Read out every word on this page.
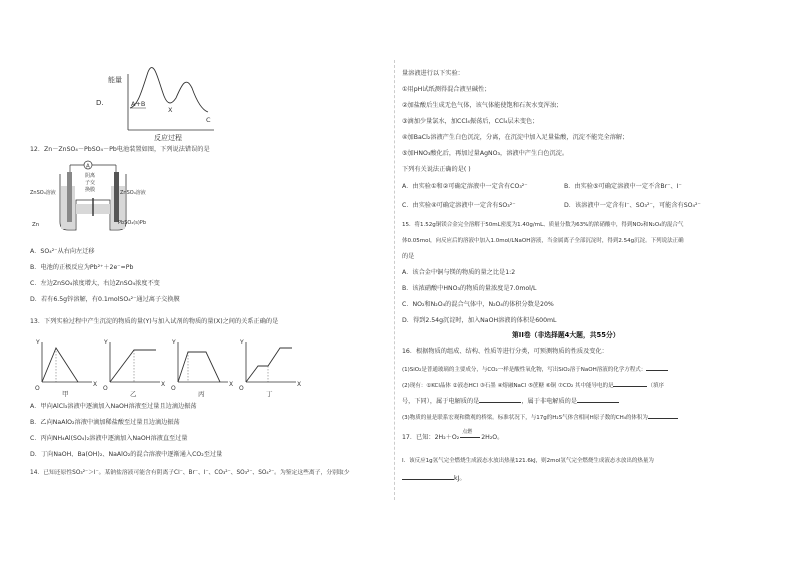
D.
能量
A+B
X
C
反应过程
12．Zn－ZnSO₄－PbSO₄－Pb电池装置如图，下列说法错误的是
A
阴离
子交
换膜
ZnSO₄溶液	ZnSO₄溶液
Zn	PbSO₄(s)Pb
A．SO₄²⁻从右向左迁移
B．电池的正极反应为Pb²⁺＋2e⁻=Pb
C．左边ZnSO₄浓度增大，右边ZnSO₄浓度不变
D．若有6.5g锌溶解，有0.1molSO₄²⁻通过离子交换膜
13．下列实验过程中产生沉淀的物质的量(Y)与加入试剂的物质的量(X)之间的关系正确的是
Y
X
O
甲
Y
X
O
乙
Y
X
O
丙
Y
X
O
丁
A．甲向AlCl₃溶液中逐滴加入NaOH溶液至过量且边滴边振荡
B．乙向NaAlO₂溶液中滴加稀盐酸至过量且边滴边振荡
C．丙向NH₄Al(SO₄)₂溶液中逐滴加入NaOH溶液直至过量
D．丁向NaOH、Ba(OH)₂、NaAlO₂的混合溶液中逐渐通入CO₂至过量
14．已知还原性SO₃²⁻＞I⁻。某钠盐溶液可能含有阴离子Cl⁻、Br⁻、I⁻、CO₃²⁻、SO₃²⁻、SO₄²⁻。为鉴定这些离子，分别取少
量溶液进行以下实验：
①用pH试纸测得混合液呈碱性；
②加盐酸后生成无色气体，该气体能使饱和石灰水变浑浊；
③滴加少量氯水，加CCl₄振荡后，CCl₄层未变色；
④加BaCl₂溶液产生白色沉淀，分离，在沉淀中加入足量盐酸，沉淀不能完全溶解；
⑤加HNO₃酸化后，再加过量AgNO₃，溶液中产生白色沉淀。
下列有关说法正确的是( )
A．由实验①和②可确定溶液中一定含有CO₃²⁻	B．由实验⑤可确定溶液中一定不含Br⁻、I⁻
C．由实验④可确定溶液中一定含有SO₃²⁻	D．该溶液中一定含有I⁻、SO₃²⁻，可能含有SO₄²⁻
15．将1.52g铜镁合金完全溶解于50mL密度为1.40g/mL、质量分数为63%的浓硝酸中，得到NO₂和N₂O₄的混合气
体0.05mol，向反应后的溶液中加入1.0mol/LNaOH溶液，当金属离子全部沉淀时，得到2.54g沉淀。下列说法正确
的是
A．该合金中铜与镁的物质的量之比是1:2
B．该浓硝酸中HNO₃的物质的量浓度是7.0mol/L
C．NO₂和N₂O₄的混合气体中，N₂O₄的体积分数是20%
D．得到2.54g沉淀时，加入NaOH溶液的体积是600mL
第II卷（非选择题4大题，共55分）
16．根据物质的组成、结构、性质等进行分类，可预测物质的性质及变化：
(1)SiO₂是普通玻璃的主要成分，与CO₂一样是酸性氧化物，写出SiO₂溶于NaOH溶液的化学方程式：
(2)现有：①KCl晶体 ②液态HCl ③石墨 ④熔融NaCl ⑤蔗糖 ⑥铜 ⑦CO₂ 其中能导电的是	（填序
号，下同），属于电解质的是	，属于非电解质的是
(3)物质的量是联系宏观和微观的桥梁。标准状况下，与17g的H₂S气体含相同H原子数的CH₄的体积为
17．已知：2H₂＋O₂
点燃
2H₂O。
I．该反应1g氢气完全燃烧生成液态水放出热量121.6kJ，则2mol氢气完全燃烧生成液态水放出的热量为
kJ。
